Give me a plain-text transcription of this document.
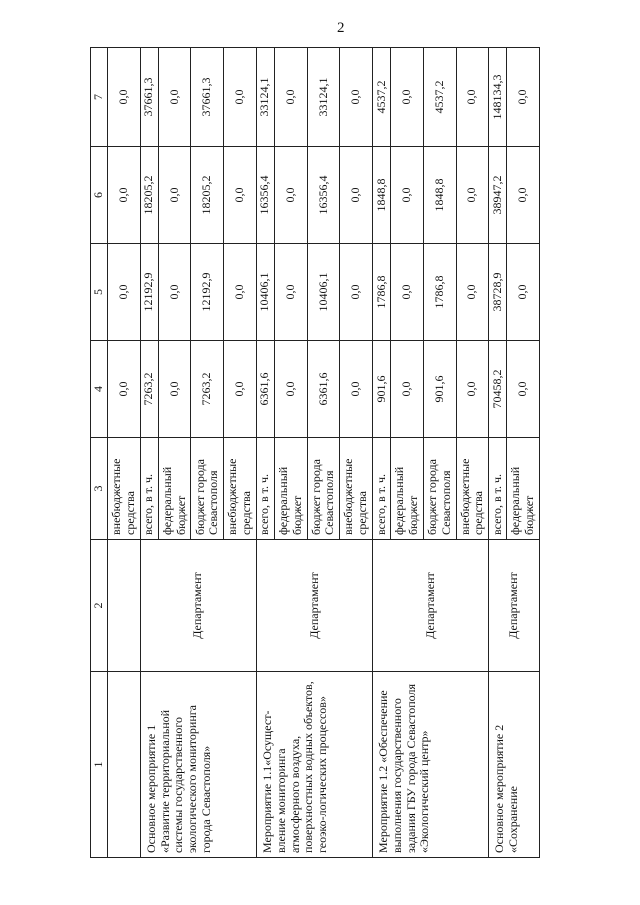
2
1	2	3	4	5	6	7
		внебюджетные средства	0,0	0,0	0,0	0,0
Основное мероприятие 1 «Развитие территориальной системы государственного экологического мониторинга города Севастополя»	Департамент	всего, в т. ч.	7263,2	12192,9	18205,2	37661,3
		федеральный бюджет	0,0	0,0	0,0	0,0
		бюджет города Севастополя	7263,2	12192,9	18205,2	37661,3
		внебюджетные средства	0,0	0,0	0,0	0,0
Мероприятие 1.1«Осущест-вление мониторинга атмосферного воздуха, поверхностных водных объектов, геоэко-логических процессов»	Департамент	всего, в т. ч.	6361,6	10406,1	16356,4	33124,1
		федеральный бюджет	0,0	0,0	0,0	0,0
		бюджет города Севастополя	6361,6	10406,1	16356,4	33124,1
		внебюджетные средства	0,0	0,0	0,0	0,0
Мероприятие 1.2 «Обеспечение выполнения государственного задания ГБУ города Севастополя «Экологический центр»	Департамент	всего, в т. ч.	901,6	1786,8	1848,8	4537,2
		федеральный бюджет	0,0	0,0	0,0	0,0
		бюджет города Севастополя	901,6	1786,8	1848,8	4537,2
		внебюджетные средства	0,0	0,0	0,0	0,0
Основное мероприятие 2 «Сохранение	Департамент	всего, в т. ч.	70458,2	38728,9	38947,2	148134,3
		федеральный бюджет	0,0	0,0	0,0	0,0
